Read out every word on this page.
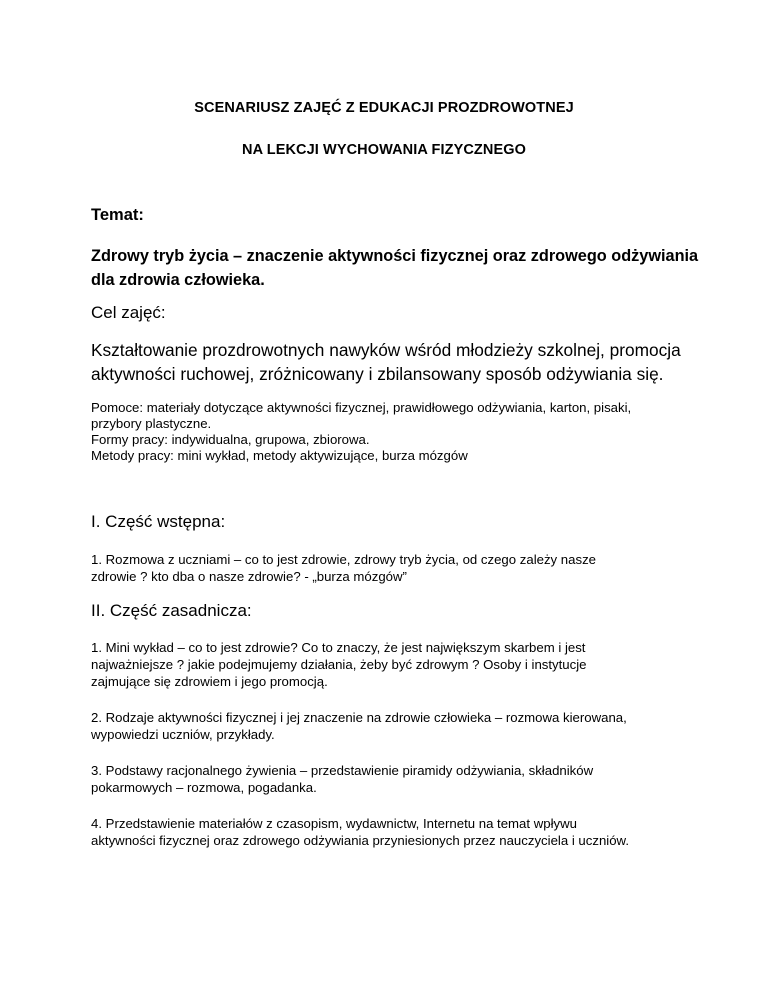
SCENARIUSZ ZAJĘĆ Z EDUKACJI PROZDROWOTNEJ

NA LEKCJI WYCHOWANIA FIZYCZNEGO

Temat:

Zdrowy tryb życia – znaczenie aktywności fizycznej oraz zdrowego odżywiania

dla zdrowia człowieka.

Cel zajęć:

Kształtowanie prozdrowotnych nawyków wśród młodzieży szkolnej, promocja

aktywności ruchowej, zróżnicowany i zbilansowany sposób odżywiania się.

Pomoce: materiały dotyczące aktywności fizycznej, prawidłowego odżywiania, karton, pisaki,

przybory plastyczne.

Formy pracy: indywidualna, grupowa, zbiorowa.

Metody pracy: mini wykład, metody aktywizujące, burza mózgów

I. Część wstępna:

1. Rozmowa z uczniami – co to jest zdrowie, zdrowy tryb życia, od czego zależy nasze

zdrowie ? kto dba o nasze zdrowie? - „burza mózgów”

II. Część zasadnicza:

1. Mini wykład – co to jest zdrowie? Co to znaczy, że jest największym skarbem i jest

najważniejsze ? jakie podejmujemy działania, żeby być zdrowym ? Osoby i instytucje

zajmujące się zdrowiem i jego promocją.

2. Rodzaje aktywności fizycznej i jej znaczenie na zdrowie człowieka – rozmowa kierowana,

wypowiedzi uczniów, przykłady.

3. Podstawy racjonalnego żywienia – przedstawienie piramidy odżywiania, składników

pokarmowych – rozmowa, pogadanka.

4. Przedstawienie materiałów z czasopism, wydawnictw, Internetu na temat wpływu

aktywności fizycznej oraz zdrowego odżywiania przyniesionych przez nauczyciela i uczniów.
